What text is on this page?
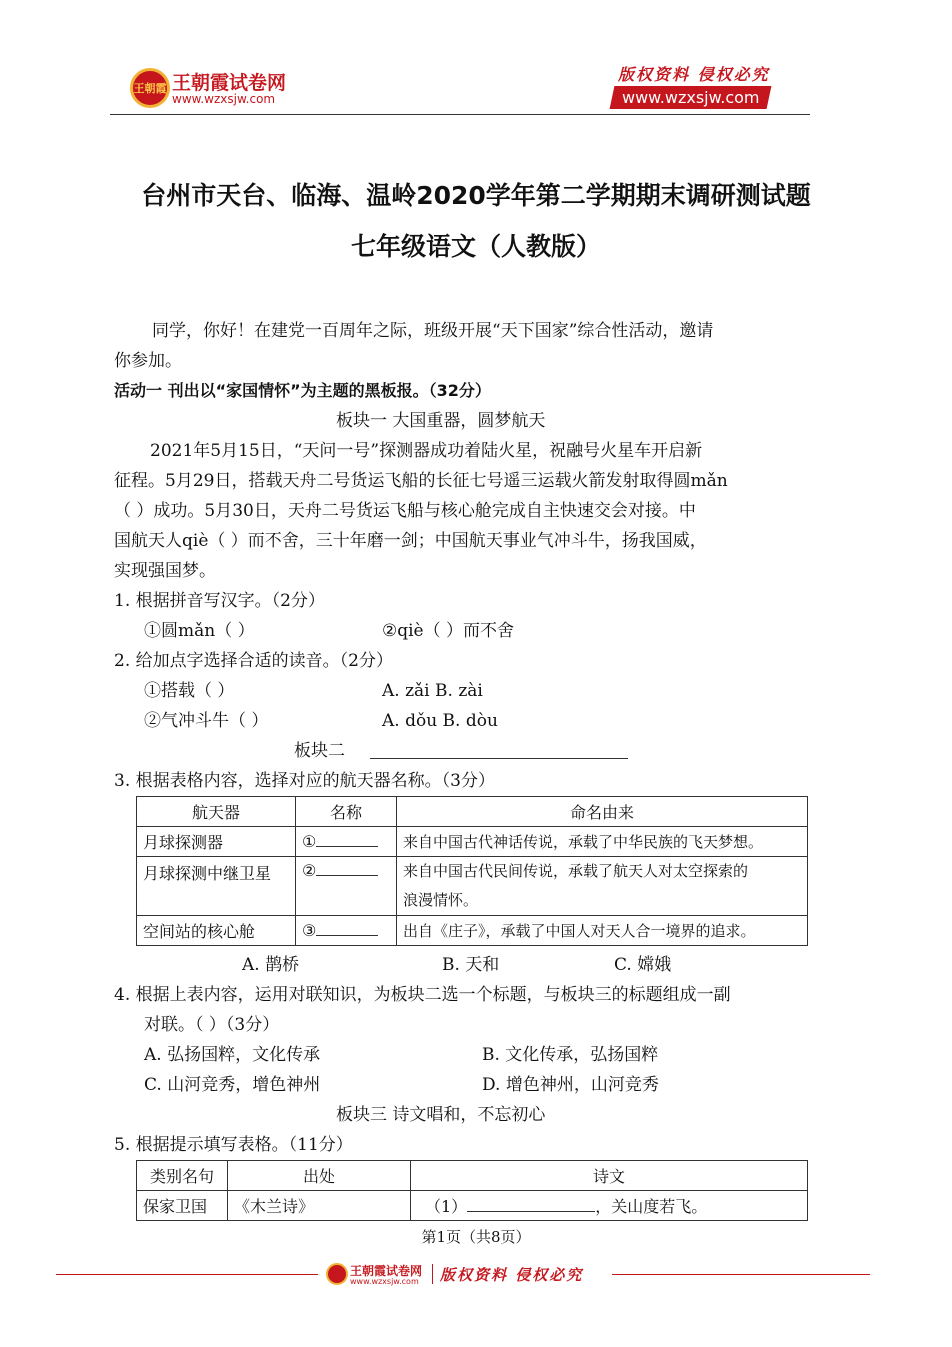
王朝霞 王朝霞试卷网
www.wzxsjw.com
版权资料 侵权必究
www.wzxsjw.com
台州市天台、临海、温岭2020学年第二学期期末调研测试题
七年级语文（人教版）
同学，你好！在建党一百周年之际，班级开展“天下国家”综合性活动，邀请
你参加。
活动一 刊出以“家国情怀”为主题的黑板报。（32分）
板块一 大国重器，圆梦航天
2021年5月15日，“天问一号”探测器成功着陆火星，祝融号火星车开启新
征程。5月29日，搭载天舟二号货运飞船的长征七号遥三运载火箭发射取得圆mǎn
（ ）成功。5月30日，天舟二号货运飞船与核心舱完成自主快速交会对接。中
国航天人qiè（ ）而不舍，三十年磨一剑；中国航天事业气冲斗牛，扬我国威，
实现强国梦。
1. 根据拼音写汉字。（2分）
①圆mǎn（ ）	②qiè（ ）而不舍
2. 给加点字选择合适的读音。（2分）
①搭载（ ）	A. zǎi B. zài
②气冲斗牛（ ）	A. dǒu B. dòu
板块二
3. 根据表格内容，选择对应的航天器名称。（3分）
航天器	名称	命名由来
月球探测器	①	来自中国古代神话传说，承载了中华民族的飞天梦想。
月球探测中继卫星	②	来自中国古代民间传说，承载了航天人对太空探索的
浪漫情怀。

空间站的核心舱	③	出自《庄子》，承载了中国人对天人合一境界的追求。
A. 鹊桥	B. 天和	C. 嫦娥
4. 根据上表内容，运用对联知识，为板块二选一个标题，与板块三的标题组成一副
对联。（ ）（3分）
A. 弘扬国粹，文化传承	B. 文化传承，弘扬国粹
C. 山河竞秀，增色神州	D. 增色神州，山河竞秀
板块三 诗文唱和，不忘初心
5. 根据提示填写表格。（11分）
类别名句	出处	诗文
保家卫国	《木兰诗》	（1） ，关山度若飞。
第1页（共8页）
王朝霞试卷网
www.wzxsjw.com 版权资料 侵权必究
